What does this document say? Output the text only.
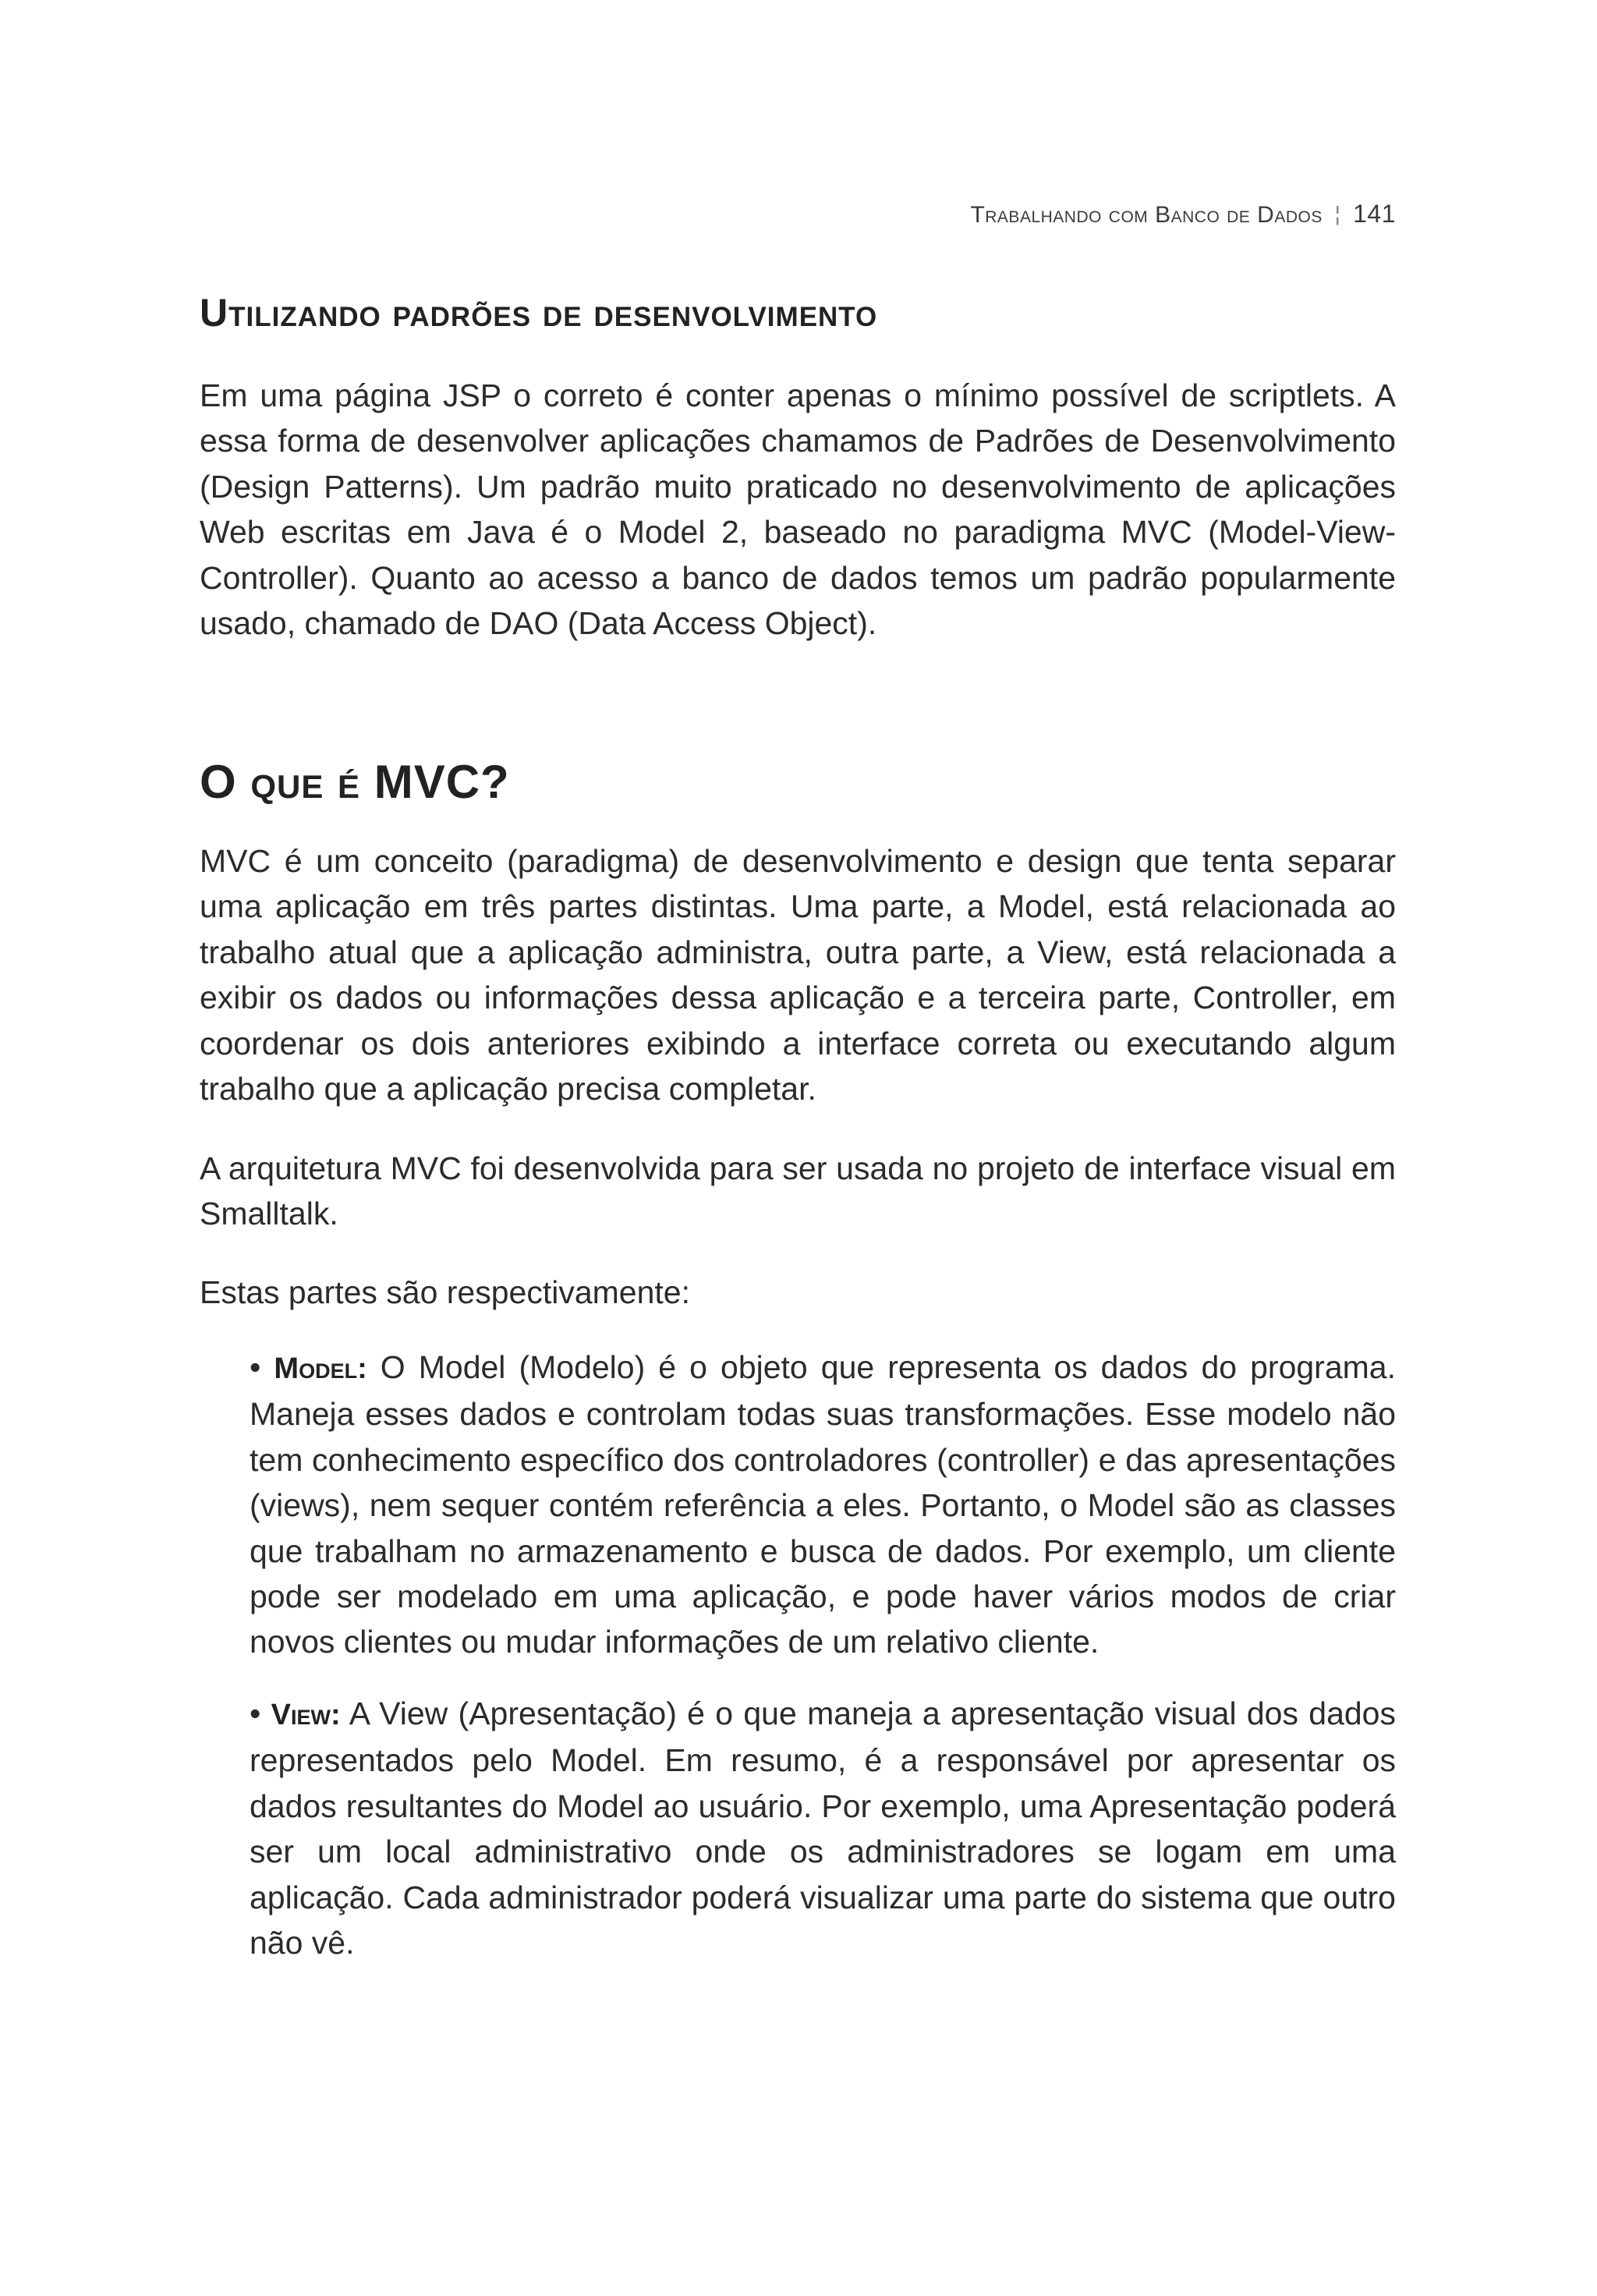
Trabalhando com Banco de Dados ¦ 141
Utilizando padrões de desenvolvimento

Em uma página JSP o correto é conter apenas o mínimo possível de scriptlets. A essa forma de desenvolver aplicações chamamos de Padrões de Desenvolvimento (Design Patterns). Um padrão muito praticado no desenvolvimento de aplicações Web escritas em Java é o Model 2, baseado no paradigma MVC (Model-View-Controller). Quanto ao acesso a banco de dados temos um padrão popularmente usado, chamado de DAO (Data Access Object).

O que é MVC?

MVC é um conceito (paradigma) de desenvolvimento e design que tenta separar uma aplicação em três partes distintas. Uma parte, a Model, está relacionada ao trabalho atual que a aplicação administra, outra parte, a View, está relacionada a exibir os dados ou informações dessa aplicação e a terceira parte, Controller, em coordenar os dois anteriores exibindo a interface correta ou executando algum trabalho que a aplicação precisa completar.

A arquitetura MVC foi desenvolvida para ser usada no projeto de interface visual em Smalltalk.

Estas partes são respectivamente:

• Model: O Model (Modelo) é o objeto que representa os dados do programa. Maneja esses dados e controlam todas suas transformações. Esse modelo não tem conhecimento específico dos controladores (controller) e das apresentações (views), nem sequer contém referência a eles. Portanto, o Model são as classes que trabalham no armazenamento e busca de dados. Por exemplo, um cliente pode ser modelado em uma aplicação, e pode haver vários modos de criar novos clientes ou mudar informações de um relativo cliente.

• View: A View (Apresentação) é o que maneja a apresentação visual dos dados representados pelo Model. Em resumo, é a responsável por apresentar os dados resultantes do Model ao usuário. Por exemplo, uma Apresentação poderá ser um local administrativo onde os administradores se logam em uma aplicação. Cada administrador poderá visualizar uma parte do sistema que outro não vê.
